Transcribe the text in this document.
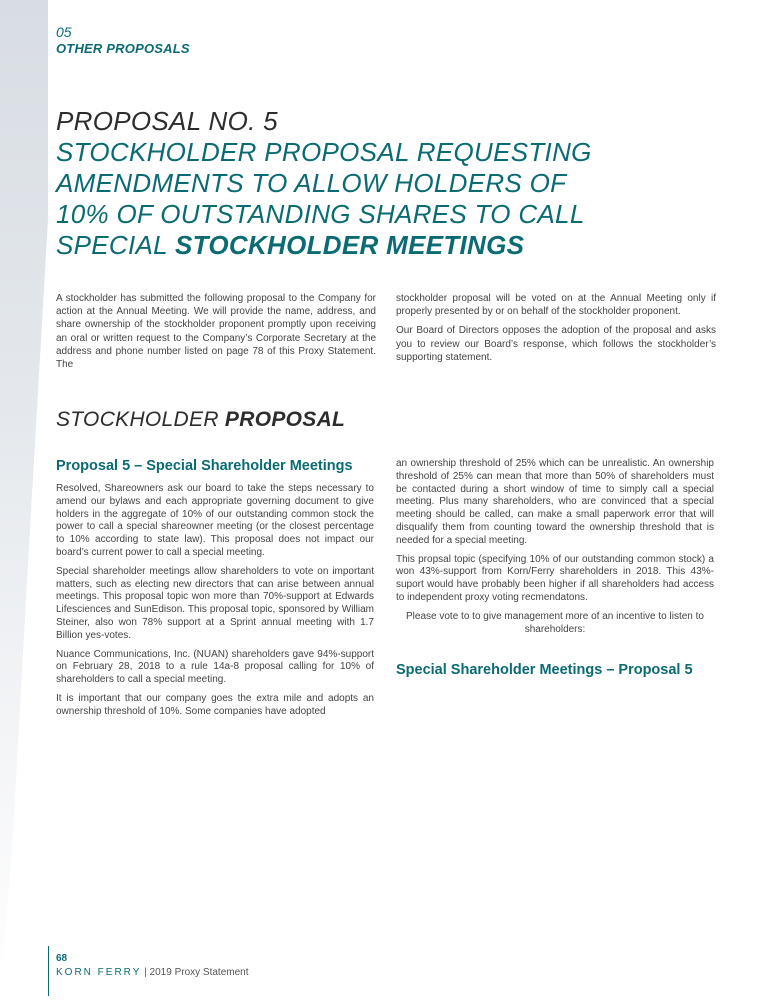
05
OTHER PROPOSALS
PROPOSAL NO. 5
STOCKHOLDER PROPOSAL REQUESTING
AMENDMENTS TO ALLOW HOLDERS OF
10% OF OUTSTANDING SHARES TO CALL
SPECIAL STOCKHOLDER MEETINGS

A stockholder has submitted the following proposal to the Company for action at the Annual Meeting. We will provide the name, address, and share ownership of the stockholder proponent promptly upon receiving an oral or written request to the Company’s Corporate Secretary at the address and phone number listed on page 78 of this Proxy Statement. The

stockholder proposal will be voted on at the Annual Meeting only if properly presented by or on behalf of the stockholder proponent.

Our Board of Directors opposes the adoption of the proposal and asks you to review our Board’s response, which follows the stockholder’s supporting statement.

STOCKHOLDER PROPOSAL
Proposal 5 – Special Shareholder Meetings

Resolved, Shareowners ask our board to take the steps necessary to amend our bylaws and each appropriate governing document to give holders in the aggregate of 10% of our outstanding common stock the power to call a special shareowner meeting (or the closest percentage to 10% according to state law). This proposal does not impact our board’s current power to call a special meeting.

Special shareholder meetings allow shareholders to vote on important matters, such as electing new directors that can arise between annual meetings. This proposal topic won more than 70%-support at Edwards Lifesciences and SunEdison. This proposal topic, sponsored by William Steiner, also won 78% support at a Sprint annual meeting with 1.7 Billion yes-votes.

Nuance Communications, Inc. (NUAN) shareholders gave 94%-support on February 28, 2018 to a rule 14a-8 proposal calling for 10% of shareholders to call a special meeting.

It is important that our company goes the extra mile and adopts an ownership threshold of 10%. Some companies have adopted

an ownership threshold of 25% which can be unrealistic. An ownership threshold of 25% can mean that more than 50% of shareholders must be contacted during a short window of time to simply call a special meeting. Plus many shareholders, who are convinced that a special meeting should be called, can make a small paperwork error that will disqualify them from counting toward the ownership threshold that is needed for a special meeting.

This propsal topic (specifying 10% of our outstanding common stock) a won 43%-support from Korn/Ferry shareholders in 2018. This 43%-suport would have probably been higher if all shareholders had access to independent proxy voting recmendatons.

Please vote to to give management more of an incentive to listen to shareholders:

Special Shareholder Meetings – Proposal 5
68
KORN FERRY | 2019 Proxy Statement
